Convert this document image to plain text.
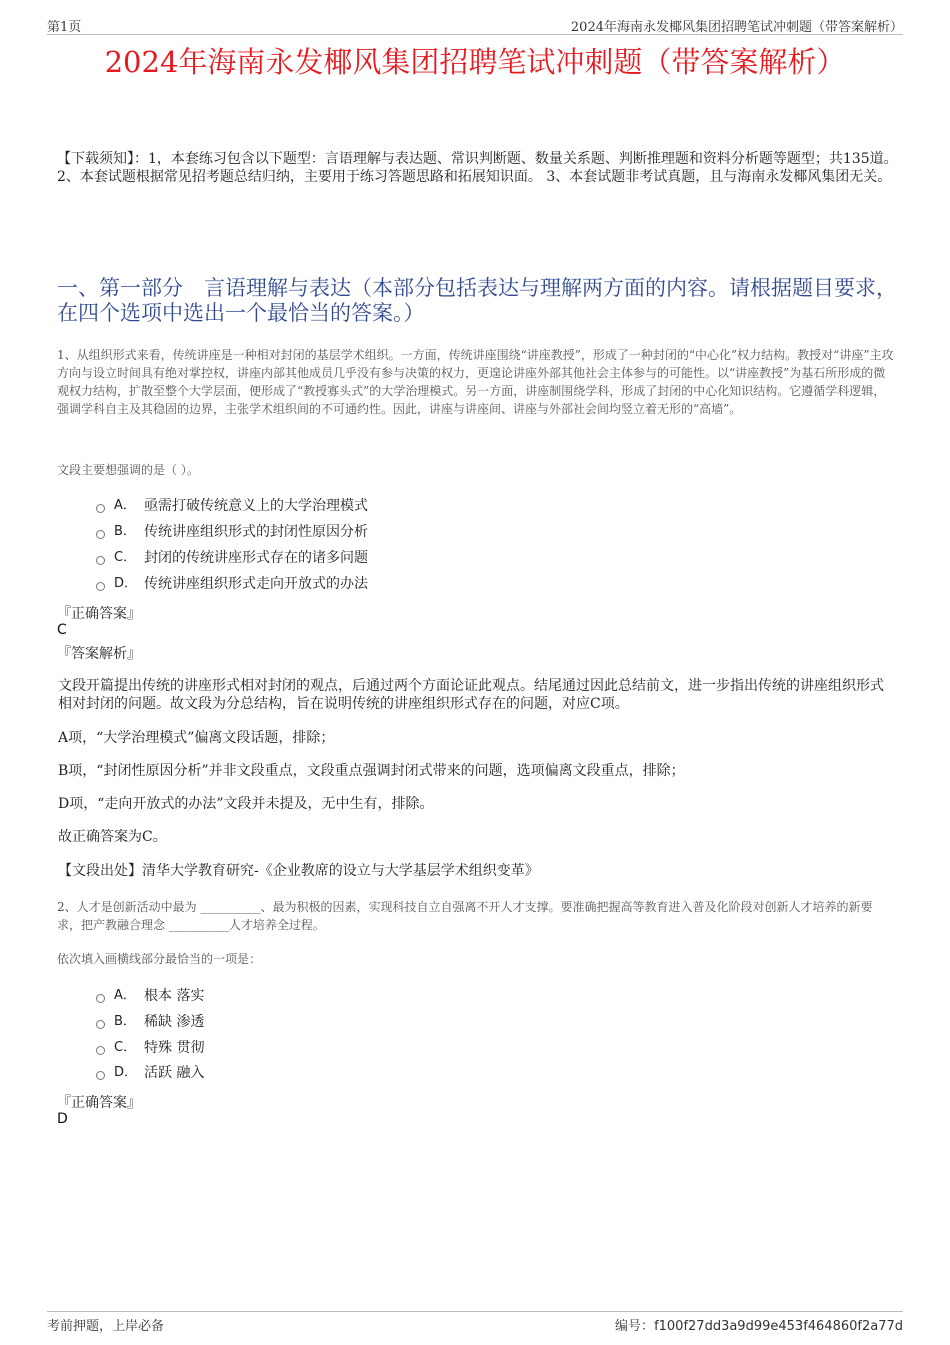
第1页	2024年海南永发椰风集团招聘笔试冲刺题（带答案解析）
2024年海南永发椰风集团招聘笔试冲刺题（带答案解析）
【下载须知】：1，本套练习包含以下题型：言语理解与表达题、常识判断题、数量关系题、判断推理题和资料分析题等题型；共135道。 2、本套试题根据常见招考题总结归纳，主要用于练习答题思路和拓展知识面。 3、本套试题非考试真题，且与海南永发椰风集团无关。
一、第一部分　言语理解与表达（本部分包括表达与理解两方面的内容。请根据题目要求，在四个选项中选出一个最恰当的答案。）
1、从组织形式来看，传统讲座是一种相对封闭的基层学术组织。一方面，传统讲座围绕“讲座教授”，形成了一种封闭的“中心化”权力结构。教授对“讲座”主攻方向与设立时间具有绝对掌控权，讲座内部其他成员几乎没有参与决策的权力，更遑论讲座外部其他社会主体参与的可能性。以“讲座教授”为基石所形成的微观权力结构，扩散至整个大学层面，便形成了“教授寡头式”的大学治理模式。另一方面，讲座制围绕学科，形成了封闭的中心化知识结构。它遵循学科逻辑，强调学科自主及其稳固的边界，主张学术组织间的不可通约性。因此，讲座与讲座间、讲座与外部社会间均竖立着无形的“高墙”。
文段主要想强调的是（ ）。
A． 亟需打破传统意义上的大学治理模式
B． 传统讲座组织形式的封闭性原因分析
C． 封闭的传统讲座形式存在的诸多问题
D． 传统讲座组织形式走向开放式的办法
『正确答案』
C
『答案解析』
文段开篇提出传统的讲座形式相对封闭的观点，后通过两个方面论证此观点。结尾通过因此总结前文，进一步指出传统的讲座组织形式相对封闭的问题。故文段为分总结构，旨在说明传统的讲座组织形式存在的问题，对应C项。
A项，“大学治理模式”偏离文段话题，排除；
B项，“封闭性原因分析”并非文段重点，文段重点强调封闭式带来的问题，选项偏离文段重点，排除；
D项，“走向开放式的办法”文段并未提及，无中生有，排除。
故正确答案为C。
【文段出处】清华大学教育研究-《企业教席的设立与大学基层学术组织变革》
2、人才是创新活动中最为 __________、最为积极的因素，实现科技自立自强离不开人才支撑。要准确把握高等教育进入普及化阶段对创新人才培养的新要求，把产教融合理念 __________人才培养全过程。
依次填入画横线部分最恰当的一项是：
A． 根本 落实
B． 稀缺 渗透
C． 特殊 贯彻
D． 活跃 融入
『正确答案』
D
考前押题，上岸必备	编号：f100f27dd3a9d99e453f464860f2a77d
